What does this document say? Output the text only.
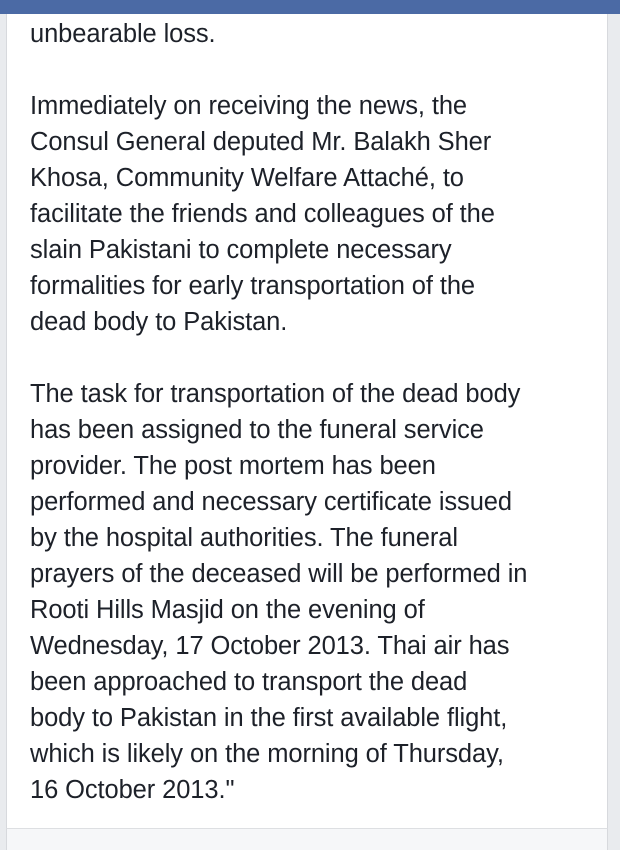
unbearable loss.

Immediately on receiving the news, the
Consul General deputed Mr. Balakh Sher
Khosa, Community Welfare Attaché, to
facilitate the friends and colleagues of the
slain Pakistani to complete necessary
formalities for early transportation of the
dead body to Pakistan.

The task for transportation of the dead body
has been assigned to the funeral service
provider. The post mortem has been
performed and necessary certificate issued
by the hospital authorities. The funeral
prayers of the deceased will be performed in
Rooti Hills Masjid on the evening of
Wednesday, 17 October 2013. Thai air has
been approached to transport the dead
body to Pakistan in the first available flight,
which is likely on the morning of Thursday,
16 October 2013."
